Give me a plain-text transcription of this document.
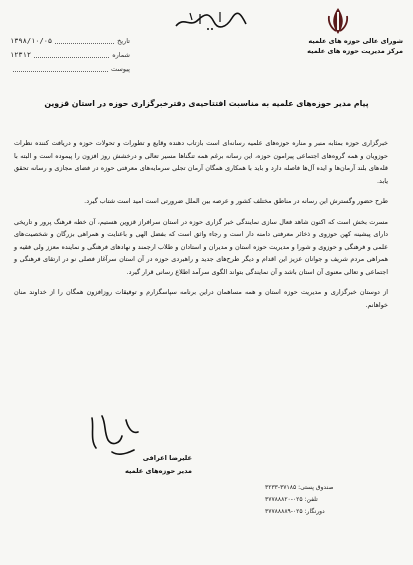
شورای عالی حوزه های علمیه
مرکز مدیریت حوزه های علمیه
تاریخ
۱۳۹۸/۱۰/۰۵
شماره
۱۲۳۱۲
پیوست
پیام مدیر حوزه‌های علمیه به مناسبت افتتاحیه‌ی دفترخبرگزاری حوزه در استان قزوین

خبرگزاری حوزه بمثابه منبر و مناره حوزه‌های علمیه رسانه‌ای است بازتاب دهنده وقایع و تطورات و تحولات حوزه و دریافت کننده نظرات حوزویان و همه گروه‌های اجتماعی پیرامون حوزه، این رسانه برغم همه تنگناها مسیر تعالی و درخشش روز افزون را پیموده است و البته با قله‌های بلند آرمان‌ها و ایده آل‌ها فاصله دارد و باید با همکاری همگان آرمان تجلی سرمایه‌های معرفتی حوزه در فضای مجازی و رسانه تحقق یابد.

طرح حضور وگسترش این رسانه در مناطق مختلف کشور و عرصه بین الملل ضرورتی است امید است شتاب گیرد.

مسرت بخش است که اکنون شاهد فعال سازی نمایندگی خبر گزاری حوزه در استان سرافراز قزوین هستیم، آن خطه فرهنگ پرور و تاریخی دارای پیشینه کهن حوزوی و ذخائر معرفتی دامنه دار است و رجاء واثق است که بفضل الهی و باعنایت و همراهی بزرگان و شخصیت‌های علمی و فرهنگی و حوزوی و شورا و مدیریت حوزه استان و مدیران و استادان و طلاب ارجمند و نهادهای فرهنگی و نماینده معزز ولی فقیه و همراهی مردم شریف و جوانان عزیز این اقدام و دیگر طرح‌های جدید و راهبردی حوزه در آن استان سرآغاز فصلی نو در ارتقای فرهنگی و اجتماعی و تعالی معنوی آن استان باشد و آن نمایندگی بتواند الگوی سرآمد اطلاع رسانی قرار گیرد.

از دوستان خبرگزاری و مدیریت حوزه استان و همه مساهمان دراین برنامه سپاسگزارم و توفیقات روزافزون همگان را از خداوند منان خواهانم.

علیرضا اعرافی
مدیر حوزه‌های علمیه
صندوق پستی: ۳۷۱۸۵-۳۲۳۳
تلفن: ۰۲۵-۳۷۷۸۸۸۲۰
دورنگار: ۰۲۵-۳۷۷۸۸۸۸۹
